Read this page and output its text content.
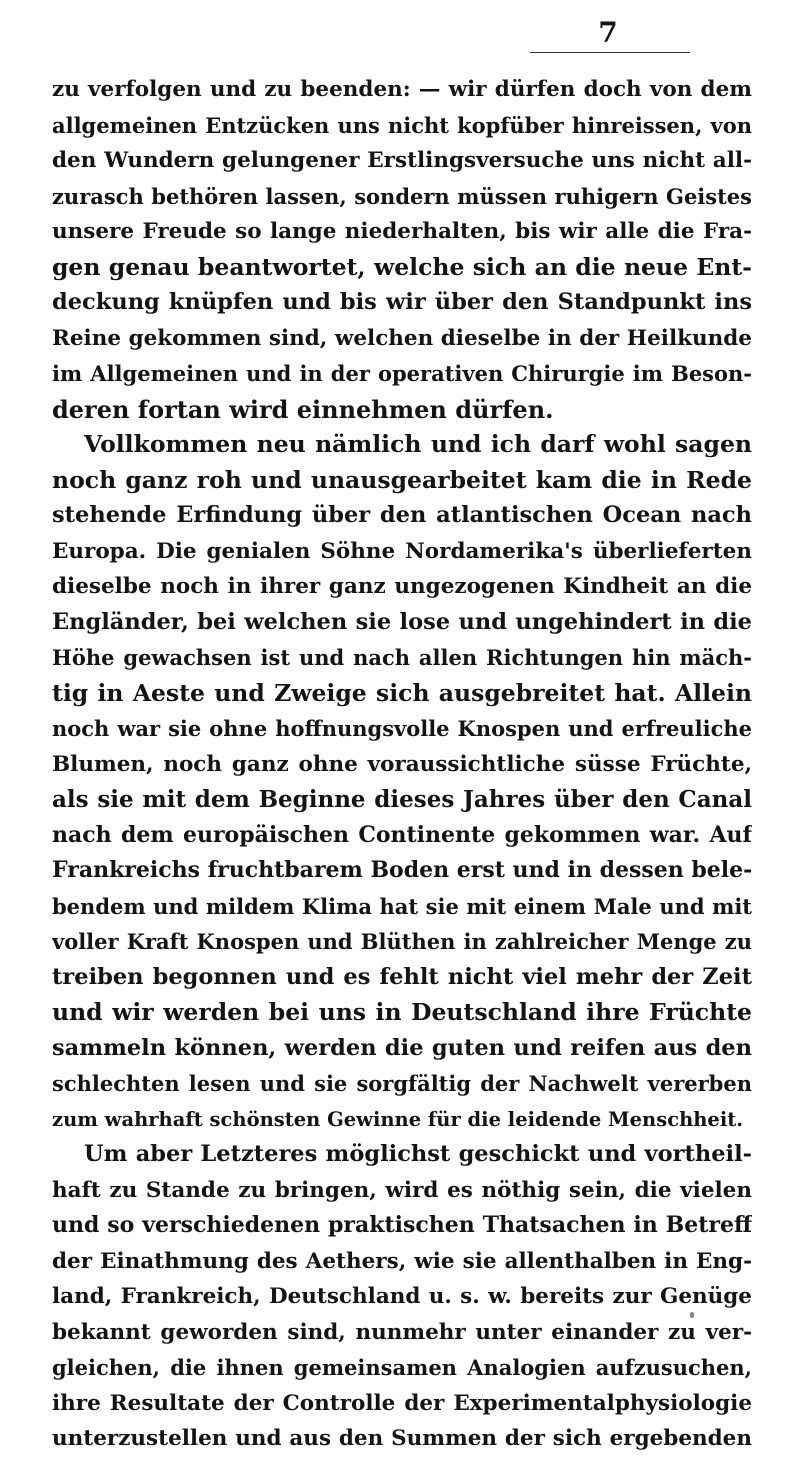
7
zu verfolgen und zu beenden: — wir dürfen doch von dem
allgemeinen Entzücken uns nicht kopfüber hinreissen, von
den Wundern gelungener Erstlingsversuche uns nicht all-
zurasch bethören lassen, sondern müssen ruhigern Geistes
unsere Freude so lange niederhalten, bis wir alle die Fra-
gen genau beantwortet, welche sich an die neue Ent-
deckung knüpfen und bis wir über den Standpunkt ins
Reine gekommen sind, welchen dieselbe in der Heilkunde
im Allgemeinen und in der operativen Chirurgie im Beson-
deren fortan wird einnehmen dürfen.
Vollkommen neu nämlich und ich darf wohl sagen
noch ganz roh und unausgearbeitet kam die in Rede
stehende Erfindung über den atlantischen Ocean nach
Europa. Die genialen Söhne Nordamerika's überlieferten
dieselbe noch in ihrer ganz ungezogenen Kindheit an die
Engländer, bei welchen sie lose und ungehindert in die
Höhe gewachsen ist und nach allen Richtungen hin mäch-
tig in Aeste und Zweige sich ausgebreitet hat. Allein
noch war sie ohne hoffnungsvolle Knospen und erfreuliche
Blumen, noch ganz ohne voraussichtliche süsse Früchte,
als sie mit dem Beginne dieses Jahres über den Canal
nach dem europäischen Continente gekommen war. Auf
Frankreichs fruchtbarem Boden erst und in dessen bele-
bendem und mildem Klima hat sie mit einem Male und mit
voller Kraft Knospen und Blüthen in zahlreicher Menge zu
treiben begonnen und es fehlt nicht viel mehr der Zeit
und wir werden bei uns in Deutschland ihre Früchte
sammeln können, werden die guten und reifen aus den
schlechten lesen und sie sorgfältig der Nachwelt vererben
zum wahrhaft schönsten Gewinne für die leidende Menschheit.
Um aber Letzteres möglichst geschickt und vortheil-
haft zu Stande zu bringen, wird es nöthig sein, die vielen
und so verschiedenen praktischen Thatsachen in Betreff
der Einathmung des Aethers, wie sie allenthalben in Eng-
land, Frankreich, Deutschland u. s. w. bereits zur Genüge
bekannt geworden sind, nunmehr unter einander zu ver-
gleichen, die ihnen gemeinsamen Analogien aufzusuchen,
ihre Resultate der Controlle der Experimentalphysiologie
unterzustellen und aus den Summen der sich ergebenden
